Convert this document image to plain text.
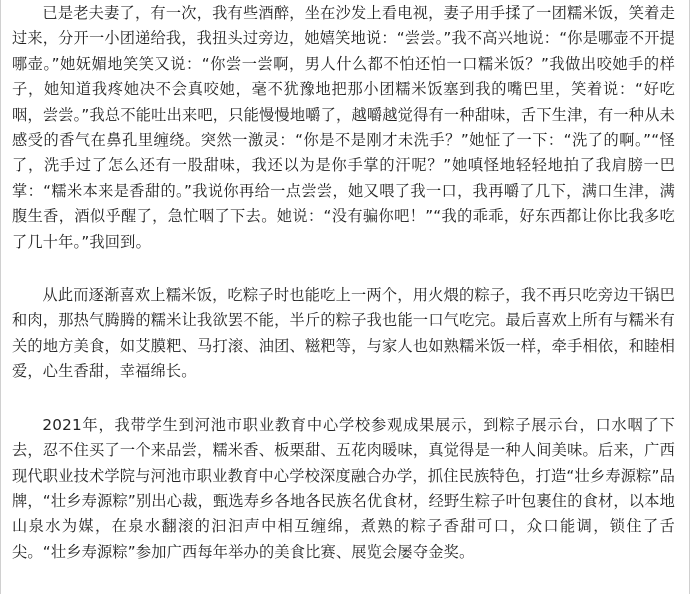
已是老夫妻了，有一次，我有些酒醉，坐在沙发上看电视，妻子用手揉了一团糯米饭，笑着走过来，分开一小团递给我，我扭头过旁边，她嬉笑地说：“尝尝。”我不高兴地说：“你是哪壶不开提哪壶。”她妩媚地笑笑又说：“你尝一尝啊，男人什么都不怕还怕一口糯米饭？”我做出咬她手的样子，她知道我疼她决不会真咬她，毫不犹豫地把那小团糯米饭塞到我的嘴巴里，笑着说：“好吃咽，尝尝。”我总不能吐出来吧，只能慢慢地嚼了，越嚼越觉得有一种甜味，舌下生津，有一种从未感受的香气在鼻孔里缠绕。突然一激灵：“你是不是刚才未洗手？”她怔了一下：“洗了的啊。”“怪了，洗手过了怎么还有一股甜味，我还以为是你手掌的汗呢？”她嗔怪地轻轻地拍了我肩膀一巴掌：“糯米本来是香甜的。”我说你再给一点尝尝，她又喂了我一口，我再嚼了几下，满口生津，满腹生香，酒似乎醒了，急忙咽了下去。她说：“没有骗你吧！”“我的乖乖，好东西都让你比我多吃了几十年。”我回到。

从此而逐渐喜欢上糯米饭，吃粽子时也能吃上一两个，用火煨的粽子，我不再只吃旁边干锅巴和肉，那热气腾腾的糯米让我欲罢不能，半斤的粽子我也能一口气吃完。最后喜欢上所有与糯米有关的地方美食，如艾膜粑、马打滚、油团、糍粑等，与家人也如熟糯米饭一样，牵手相依，和睦相爱，心生香甜，幸福绵长。

2021年，我带学生到河池市职业教育中心学校参观成果展示，到粽子展示台，口水咽了下去，忍不住买了一个来品尝，糯米香、板栗甜、五花肉暖味，真觉得是一种人间美味。后来，广西现代职业技术学院与河池市职业教育中心学校深度融合办学，抓住民族特色，打造“壮乡寿源粽”品牌，“壮乡寿源粽”别出心裁，甄选寿乡各地各民族名优食材，经野生粽子叶包裹住的食材，以本地山泉水为媒，在泉水翻滚的汩汩声中相互缠绵，煮熟的粽子香甜可口，众口能调，锁住了舌尖。“壮乡寿源粽”参加广西每年举办的美食比赛、展览会屡夺金奖。
